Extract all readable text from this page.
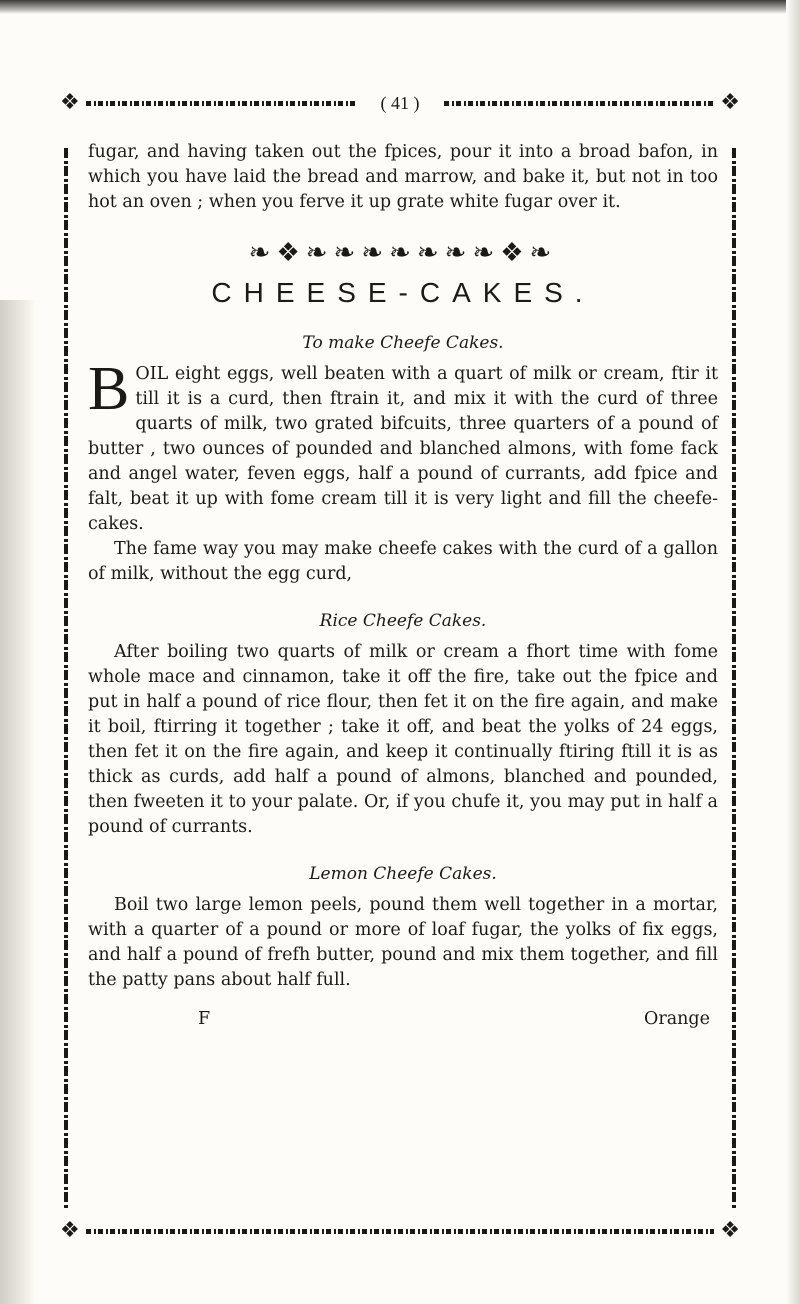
❖	( 41 )	❖

fugar, and having taken out the fpices, pour it into a broad bafon, in which you have laid the bread and marrow, and bake it, but not in too hot an oven ; when you ferve it up grate white fugar over it.

❧❖❧❧❧❧❧❧❧❖❧
CHEESE-CAKES.
To make Cheefe Cakes.

BOIL eight eggs, well beaten with a quart of milk or cream, ftir it till it is a curd, then ftrain it, and mix it with the curd of three quarts of milk, two grated bifcuits, three quarters of a pound of butter , two ounces of pounded and blanched almons, with fome fack and angel water, feven eggs, half a pound of currants, add fpice and falt, beat it up with fome cream till it is very light and fill the cheefe-cakes.

The fame way you may make cheefe cakes with the curd of a gallon of milk, without the egg curd,

Rice Cheefe Cakes.

After boiling two quarts of milk or cream a fhort time with fome whole mace and cinnamon, take it off the fire, take out the fpice and put in half a pound of rice flour, then fet it on the fire again, and make it boil, ftirring it together ; take it off, and beat the yolks of 24 eggs, then fet it on the fire again, and keep it continually ftiring ftill it is as thick as curds, add half a pound of almons, blanched and pounded, then fweeten it to your palate. Or, if you chufe it, you may put in half a pound of currants.

Lemon Cheefe Cakes.

Boil two large lemon peels, pound them well together in a mortar, with a quarter of a pound or more of loaf fugar, the yolks of fix eggs, and half a pound of frefh butter, pound and mix them together, and fill the patty pans about half full.

F	Orange
❖	❖
